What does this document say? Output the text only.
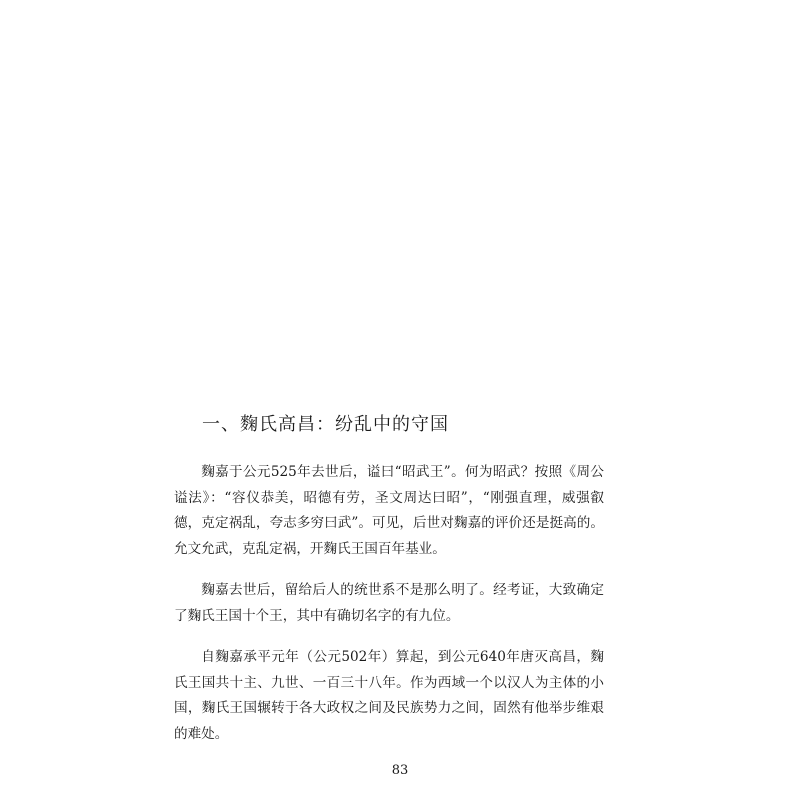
一、麴氏高昌：纷乱中的守国

麴嘉于公元525年去世后，谥曰“昭武王”。何为昭武？按照《周公谥法》：“容仪恭美，昭德有劳，圣文周达曰昭”，“刚强直理，威强叡德，克定祸乱，夸志多穷曰武”。可见，后世对麴嘉的评价还是挺高的。允文允武，克乱定祸，开麴氏王国百年基业。

麴嘉去世后，留给后人的统世系不是那么明了。经考证，大致确定了麴氏王国十个王，其中有确切名字的有九位。

自麴嘉承平元年（公元502年）算起，到公元640年唐灭高昌，麴氏王国共十主、九世、一百三十八年。作为西域一个以汉人为主体的小国，麴氏王国辗转于各大政权之间及民族势力之间，固然有他举步维艰的难处。

83
